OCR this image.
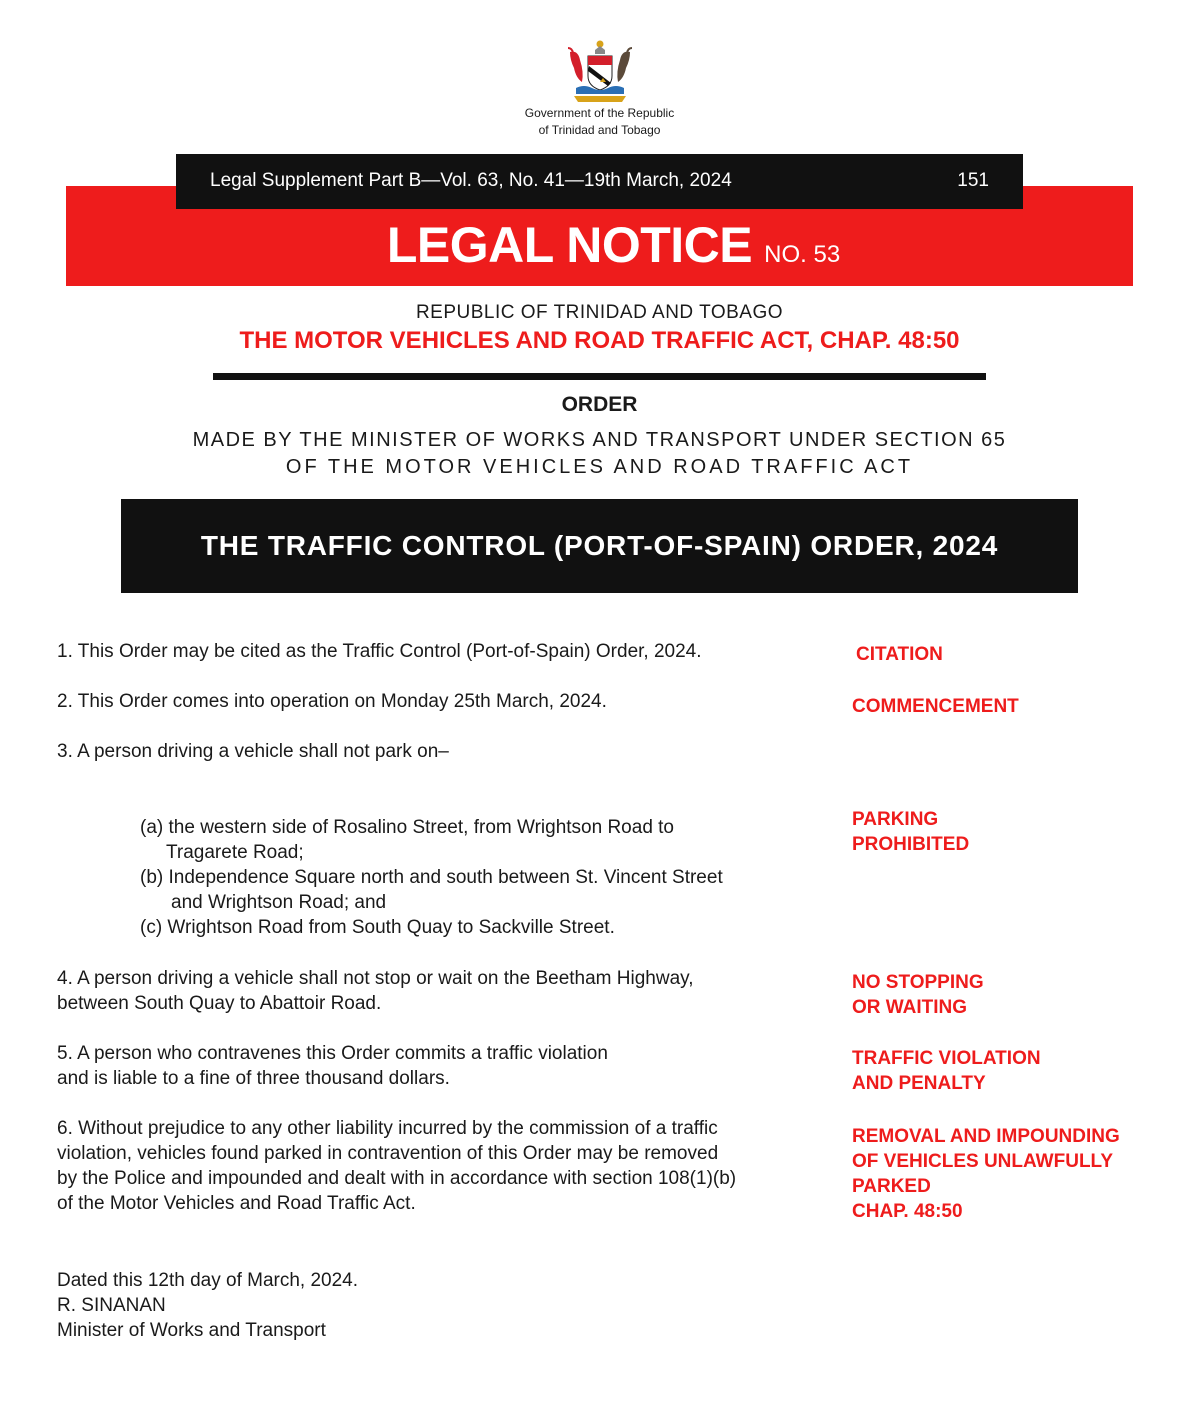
Government of the Republic
of Trinidad and Tobago
Legal Supplement Part B—Vol. 63, No. 41—19th March, 2024	151
LEGAL NOTICE NO. 53
REPUBLIC OF TRINIDAD AND TOBAGO
THE MOTOR VEHICLES AND ROAD TRAFFIC ACT, CHAP. 48:50
ORDER
MADE BY THE MINISTER OF WORKS AND TRANSPORT UNDER SECTION 65
OF THE MOTOR VEHICLES AND ROAD TRAFFIC ACT
THE TRAFFIC CONTROL (PORT-OF-SPAIN) ORDER, 2024
1. This Order may be cited as the Traffic Control (Port-of-Spain) Order, 2024.
2. This Order comes into operation on Monday 25th March, 2024.
3. A person driving a vehicle shall not park on–
(a) the western side of Rosalino Street, from Wrightson Road to
Tragarete Road;
(b) Independence Square north and south between St. Vincent Street
and Wrightson Road; and
(c) Wrightson Road from South Quay to Sackville Street.
4. A person driving a vehicle shall not stop or wait on the Beetham Highway,
between South Quay to Abattoir Road.
5. A person who contravenes this Order commits a traffic violation
and is liable to a fine of three thousand dollars.
6. Without prejudice to any other liability incurred by the commission of a traffic
violation, vehicles found parked in contravention of this Order may be removed
by the Police and impounded and dealt with in accordance with section 108(1)(b)
of the Motor Vehicles and Road Traffic Act.
CITATION
COMMENCEMENT
PARKING
PROHIBITED
NO STOPPING
OR WAITING
TRAFFIC VIOLATION
AND PENALTY
REMOVAL AND IMPOUNDING
OF VEHICLES UNLAWFULLY
PARKED
CHAP. 48:50
Dated this 12th day of March, 2024.
R. SINANAN
Minister of Works and Transport
